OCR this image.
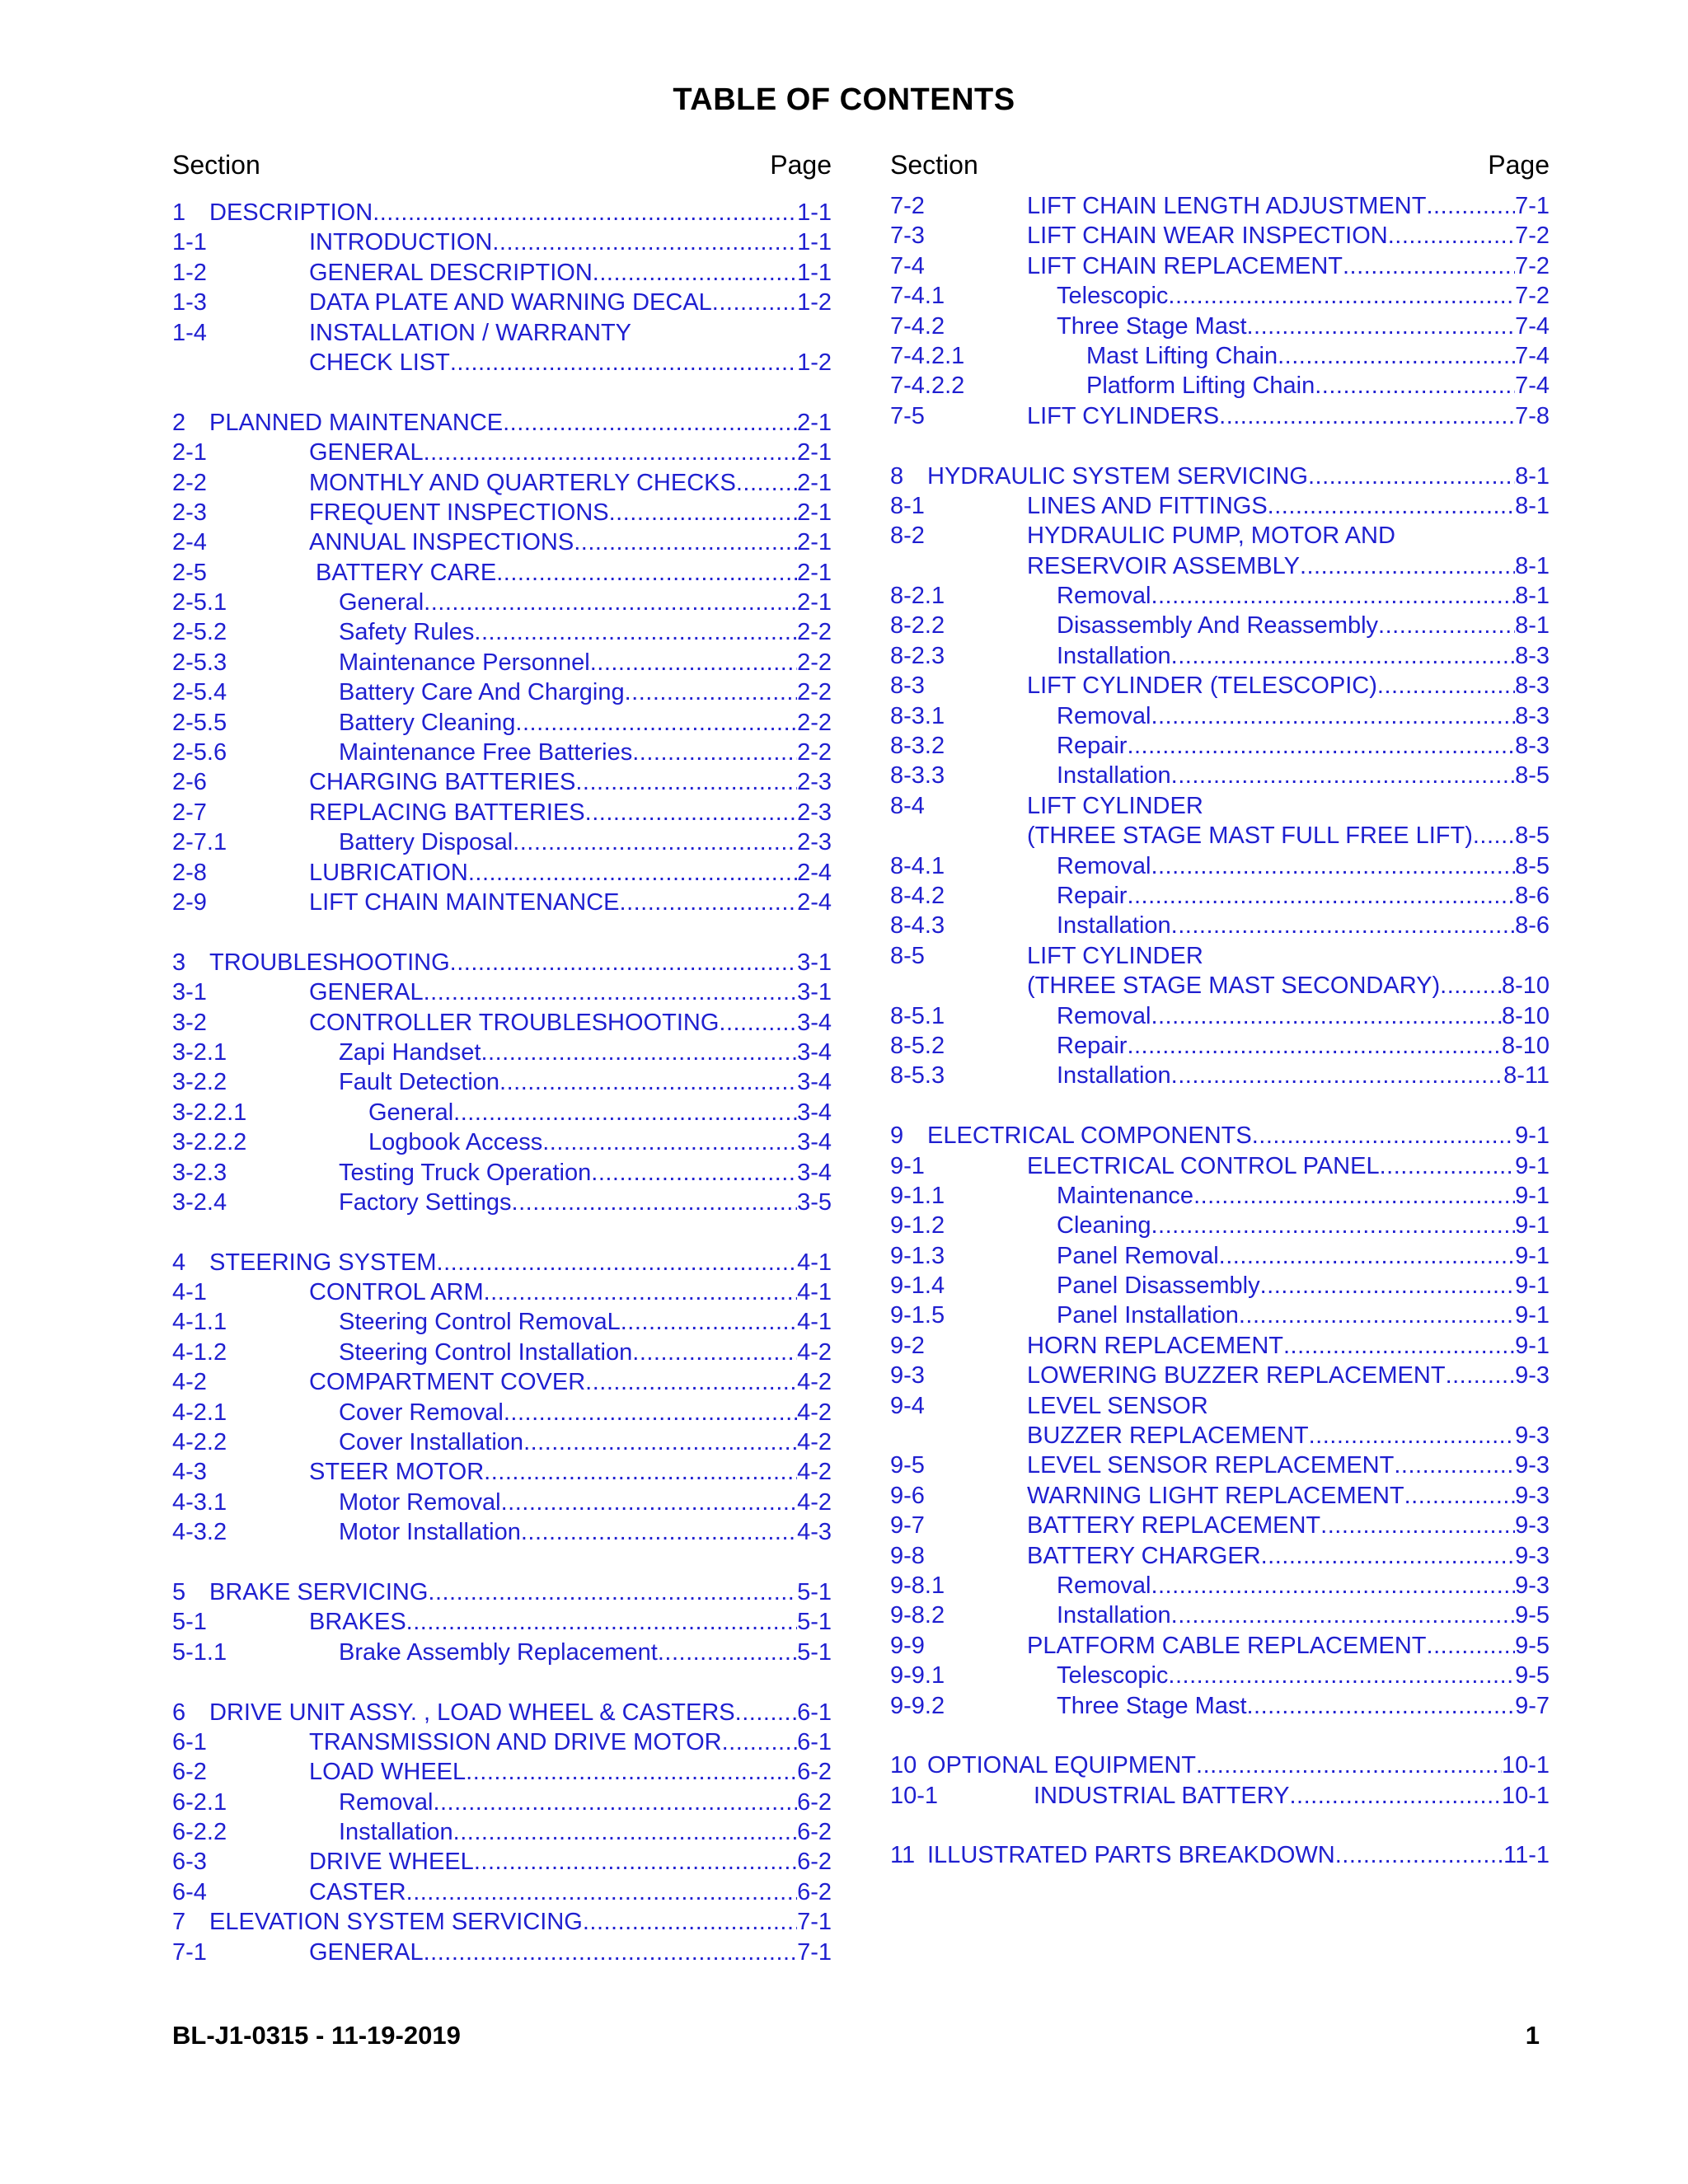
TABLE OF CONTENTS
Section	Page
1 DESCRIPTION .....	1-1
1-1	INTRODUCTION .....	1-1
1-2	GENERAL DESCRIPTION .....	1-1
1-3	DATA PLATE AND WARNING DECAL .....	1-2
1-4	INSTALLATION / WARRANTY
CHECK LIST .....	1-2
2 PLANNED MAINTENANCE .....	2-1
2-1	GENERAL .....	2-1
2-2	MONTHLY AND QUARTERLY CHECKS .....	2-1
2-3	FREQUENT INSPECTIONS .....	2-1
2-4	ANNUAL INSPECTIONS .....	2-1
2-5	BATTERY CARE .....	2-1
2-5.1	General .....	2-1
2-5.2	Safety Rules .....	2-2
2-5.3	Maintenance Personnel .....	2-2
2-5.4	Battery Care And Charging .....	2-2
2-5.5	Battery Cleaning .....	2-2
2-5.6	Maintenance Free Batteries .....	2-2
2-6	CHARGING BATTERIES .....	2-3
2-7	REPLACING BATTERIES .....	2-3
2-7.1	Battery Disposal .....	2-3
2-8	LUBRICATION .....	2-4
2-9	LIFT CHAIN MAINTENANCE .....	2-4
3 TROUBLESHOOTING .....	3-1
3-1	GENERAL .....	3-1
3-2	CONTROLLER TROUBLESHOOTING .....	3-4
3-2.1	Zapi Handset .....	3-4
3-2.2	Fault Detection .....	3-4
3-2.2.1	General .....	3-4
3-2.2.2	Logbook Access .....	3-4
3-2.3	Testing Truck Operation .....	3-4
3-2.4	Factory Settings .....	3-5
4 STEERING SYSTEM .....	4-1
4-1	CONTROL ARM .....	4-1
4-1.1	Steering Control RemovaL .....	4-1
4-1.2	Steering Control Installation .....	4-2
4-2	COMPARTMENT COVER .....	4-2
4-2.1	Cover Removal .....	4-2
4-2.2	Cover Installation .....	4-2
4-3	STEER MOTOR .....	4-2
4-3.1	Motor Removal .....	4-2
4-3.2	Motor Installation .....	4-3
5 BRAKE SERVICING .....	5-1
5-1	BRAKES .....	5-1
5-1.1	Brake Assembly Replacement .....	5-1
6 DRIVE UNIT ASSY. , LOAD WHEEL & CASTERS .....	6-1
6-1	TRANSMISSION AND DRIVE MOTOR .....	6-1
6-2	LOAD WHEEL .....	6-2
6-2.1	Removal .....	6-2
6-2.2	Installation .....	6-2
6-3	DRIVE WHEEL .....	6-2
6-4	CASTER .....	6-2
7 ELEVATION SYSTEM SERVICING .....	7-1
7-1	GENERAL .....	7-1
Section	Page
7-2	LIFT CHAIN LENGTH ADJUSTMENT .....	7-1
7-3	LIFT CHAIN WEAR INSPECTION .....	7-2
7-4	LIFT CHAIN REPLACEMENT .....	7-2
7-4.1	Telescopic .....	7-2
7-4.2	Three Stage Mast .....	7-4
7-4.2.1	Mast Lifting Chain .....	7-4
7-4.2.2	Platform Lifting Chain .....	7-4
7-5	LIFT CYLINDERS .....	7-8
8 HYDRAULIC SYSTEM SERVICING .....	8-1
8-1	LINES AND FITTINGS .....	8-1
8-2	HYDRAULIC PUMP, MOTOR AND
RESERVOIR ASSEMBLY .....	8-1
8-2.1	Removal .....	8-1
8-2.2	Disassembly And Reassembly .....	8-1
8-2.3	Installation .....	8-3
8-3	LIFT CYLINDER (TELESCOPIC) .....	8-3
8-3.1	Removal .....	8-3
8-3.2	Repair .....	8-3
8-3.3	Installation .....	8-5
8-4	LIFT CYLINDER
(THREE STAGE MAST FULL FREE LIFT) ..... 8-5
8-4.1	Removal .....	8-5
8-4.2	Repair .....	8-6
8-4.3	Installation .....	8-6
8-5	LIFT CYLINDER
(THREE STAGE MAST SECONDARY) .....	8-10
8-5.1	Removal .....	8-10
8-5.2	Repair .....	8-10
8-5.3	Installation .....	8-11
9 ELECTRICAL COMPONENTS .....	9-1
9-1	ELECTRICAL CONTROL PANEL .....	9-1
9-1.1	Maintenance .....	9-1
9-1.2	Cleaning .....	9-1
9-1.3	Panel Removal .....	9-1
9-1.4	Panel Disassembly .....	9-1
9-1.5	Panel Installation .....	9-1
9-2	HORN REPLACEMENT .....	9-1
9-3	LOWERING BUZZER REPLACEMENT .....	9-3
9-4	LEVEL SENSOR
BUZZER REPLACEMENT .....	9-3
9-5	LEVEL SENSOR REPLACEMENT .....	9-3
9-6	WARNING LIGHT REPLACEMENT .....	9-3
9-7	BATTERY REPLACEMENT .....	9-3
9-8	BATTERY CHARGER .....	9-3
9-8.1	Removal .....	9-3
9-8.2	Installation .....	9-5
9-9	PLATFORM CABLE REPLACEMENT .....	9-5
9-9.1	Telescopic .....	9-5
9-9.2	Three Stage Mast .....	9-7
10 OPTIONAL EQUIPMENT .....	10-1
10-1	INDUSTRIAL BATTERY .....	10-1
11 ILLUSTRATED PARTS BREAKDOWN .....	11-1
BL-J1-0315 - 11-19-2019	1
